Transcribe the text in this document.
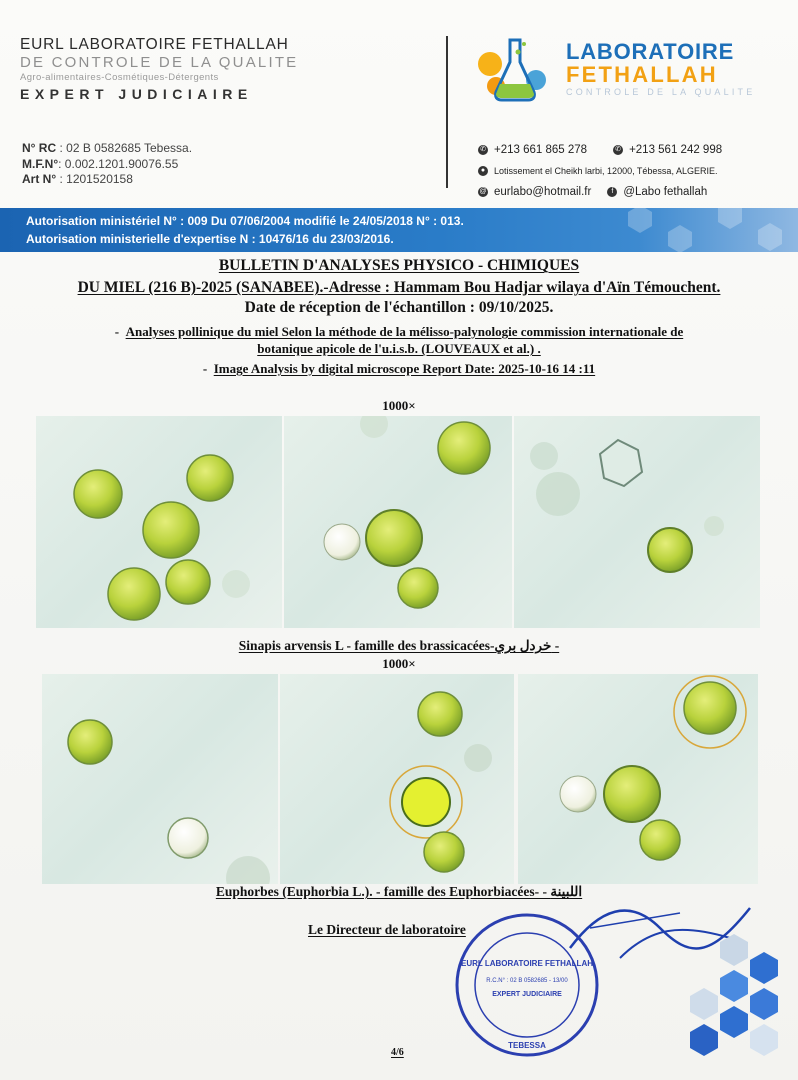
EURL LABORATOIRE FETHALLAH
DE CONTROLE DE LA QUALITE
Agro-alimentaires-Cosmétiques-Détergents
EXPERT JUDICIAIRE
N° RC : 02 B 0582685 Tebessa.
M.F.N°: 0.002.1201.90076.55
Art N° : 1201520158
LABORATOIRE
FETHALLAH
CONTROLE DE LA QUALITE
✆ +213 661 865 278	✆ +213 561 242 998
● Lotissement el Cheikh larbi, 12000, Tébessa, ALGERIE.
@ eurlabo@hotmail.fr	f @Labo fethallah
Autorisation ministériel N° : 009 Du 07/06/2004 modifié le 24/05/2018 N° : 013.
Autorisation ministerielle d'expertise N : 10476/16 du 23/03/2016.
BULLETIN D'ANALYSES PHYSICO - CHIMIQUES
DU MIEL (216 B)-2025 (SANABEE).-Adresse : Hammam Bou Hadjar wilaya d'Aïn Témouchent.
Date de réception de l'échantillon : 09/10/2025.
-  Analyses pollinique du miel Selon la méthode de la mélisso-palynologie commission internationale de
botanique apicole de l'u.i.s.b. (LOUVEAUX et al.) .
-  Image Analysis by digital microscope Report Date: 2025-10-16 14 :11
1000×
Sinapis arvensis L - famille des brassicacées-خردل بري -
1000×
Euphorbes (Euphorbia L.). - famille des Euphorbiacées- - اللبينة
Le Directeur de laboratoire
EURL LABORATOIRE FETHALLAH
R.C.N° : 02 B 0582685 - 13/00
EXPERT JUDICIAIRE
TEBESSA
4/6
